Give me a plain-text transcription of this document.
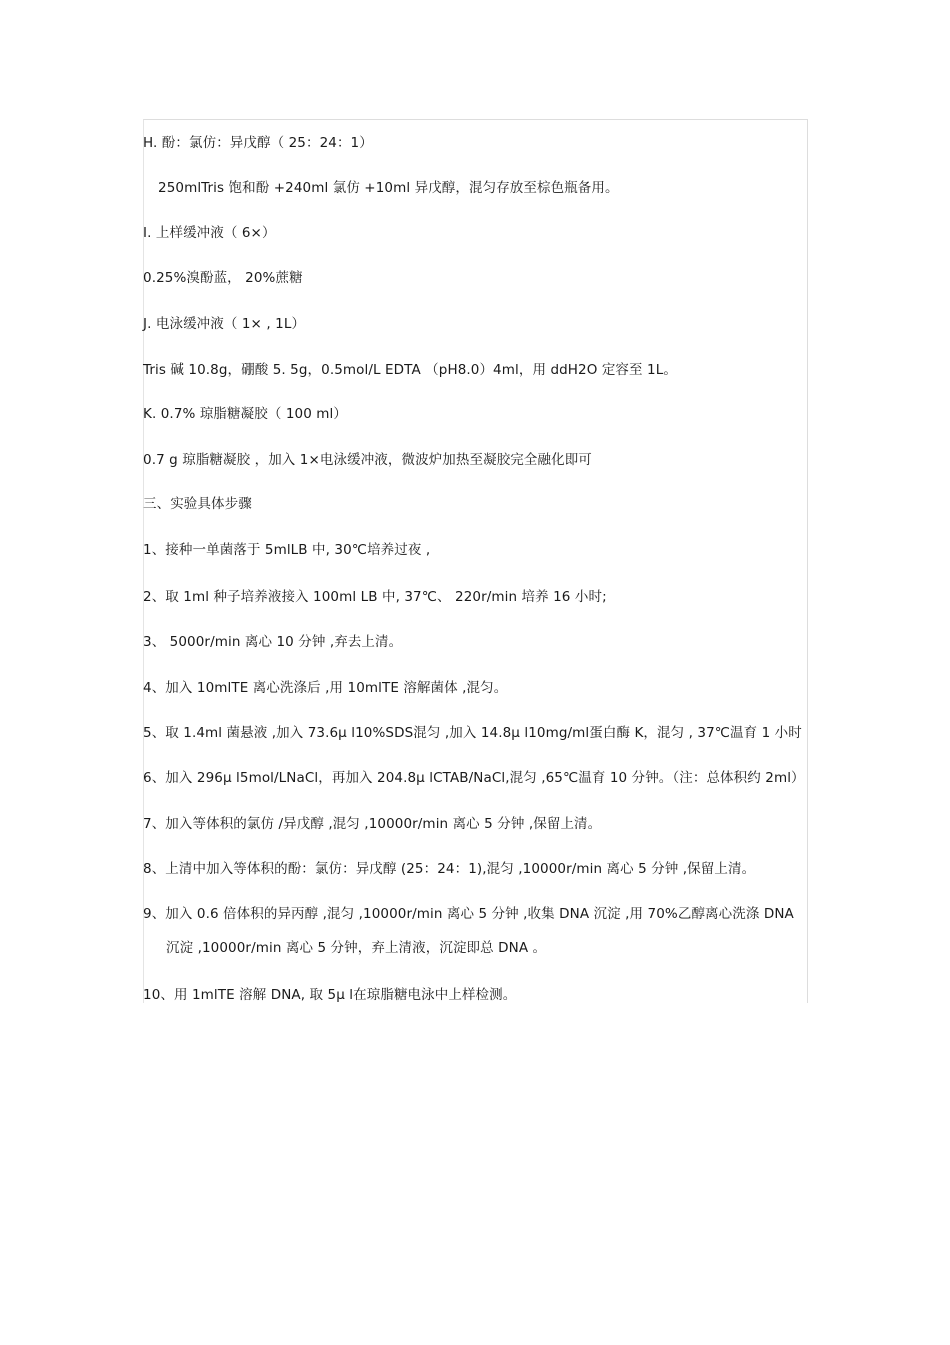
H. 酚：氯仿：异戊醇（ 25：24：1）

250mlTris 饱和酚 +240ml 氯仿 +10ml 异戊醇，混匀存放至棕色瓶备用。

I. 上样缓冲液（ 6×）

0.25%溴酚蓝， 20%蔗糖

J. 电泳缓冲液（ 1× , 1L）

Tris 碱 10.8g，硼酸 5. 5g，0.5mol/L EDTA （pH8.0）4ml，用 ddH2O 定容至 1L。

K. 0.7% 琼脂糖凝胶（ 100 ml）

0.7 g 琼脂糖凝胶 ，加入 1×电泳缓冲液，微波炉加热至凝胶完全融化即可

三、实验具体步骤

1、接种一单菌落于 5mlLB 中, 30℃培养过夜 ,

2、取 1ml 种子培养液接入 100ml LB 中, 37℃、 220r/min 培养 16 小时;

3、 5000r/min 离心 10 分钟 ,弃去上清。

4、加入 10mlTE 离心洗涤后 ,用 10mlTE 溶解菌体 ,混匀。

5、取 1.4ml 菌悬液 ,加入 73.6μ l10%SDS混匀 ,加入 14.8μ l10mg/ml蛋白酶 K，混匀 , 37℃温育 1 小时

6、加入 296μ l5mol/LNaCl，再加入 204.8μ lCTAB/NaCl,混匀 ,65℃温育 10 分钟。（注：总体积约 2ml）

7、加入等体积的氯仿 /异戊醇 ,混匀 ,10000r/min 离心 5 分钟 ,保留上清。

8、上清中加入等体积的酚：氯仿：异戊醇 (25：24：1),混匀 ,10000r/min 离心 5 分钟 ,保留上清。

9、加入 0.6 倍体积的异丙醇 ,混匀 ,10000r/min 离心 5 分钟 ,收集 DNA 沉淀 ,用 70%乙醇离心洗涤 DNA

沉淀 ,10000r/min 离心 5 分钟，弃上清液，沉淀即总 DNA 。

10、用 1mlTE 溶解 DNA, 取 5μ l在琼脂糖电泳中上样检测。
